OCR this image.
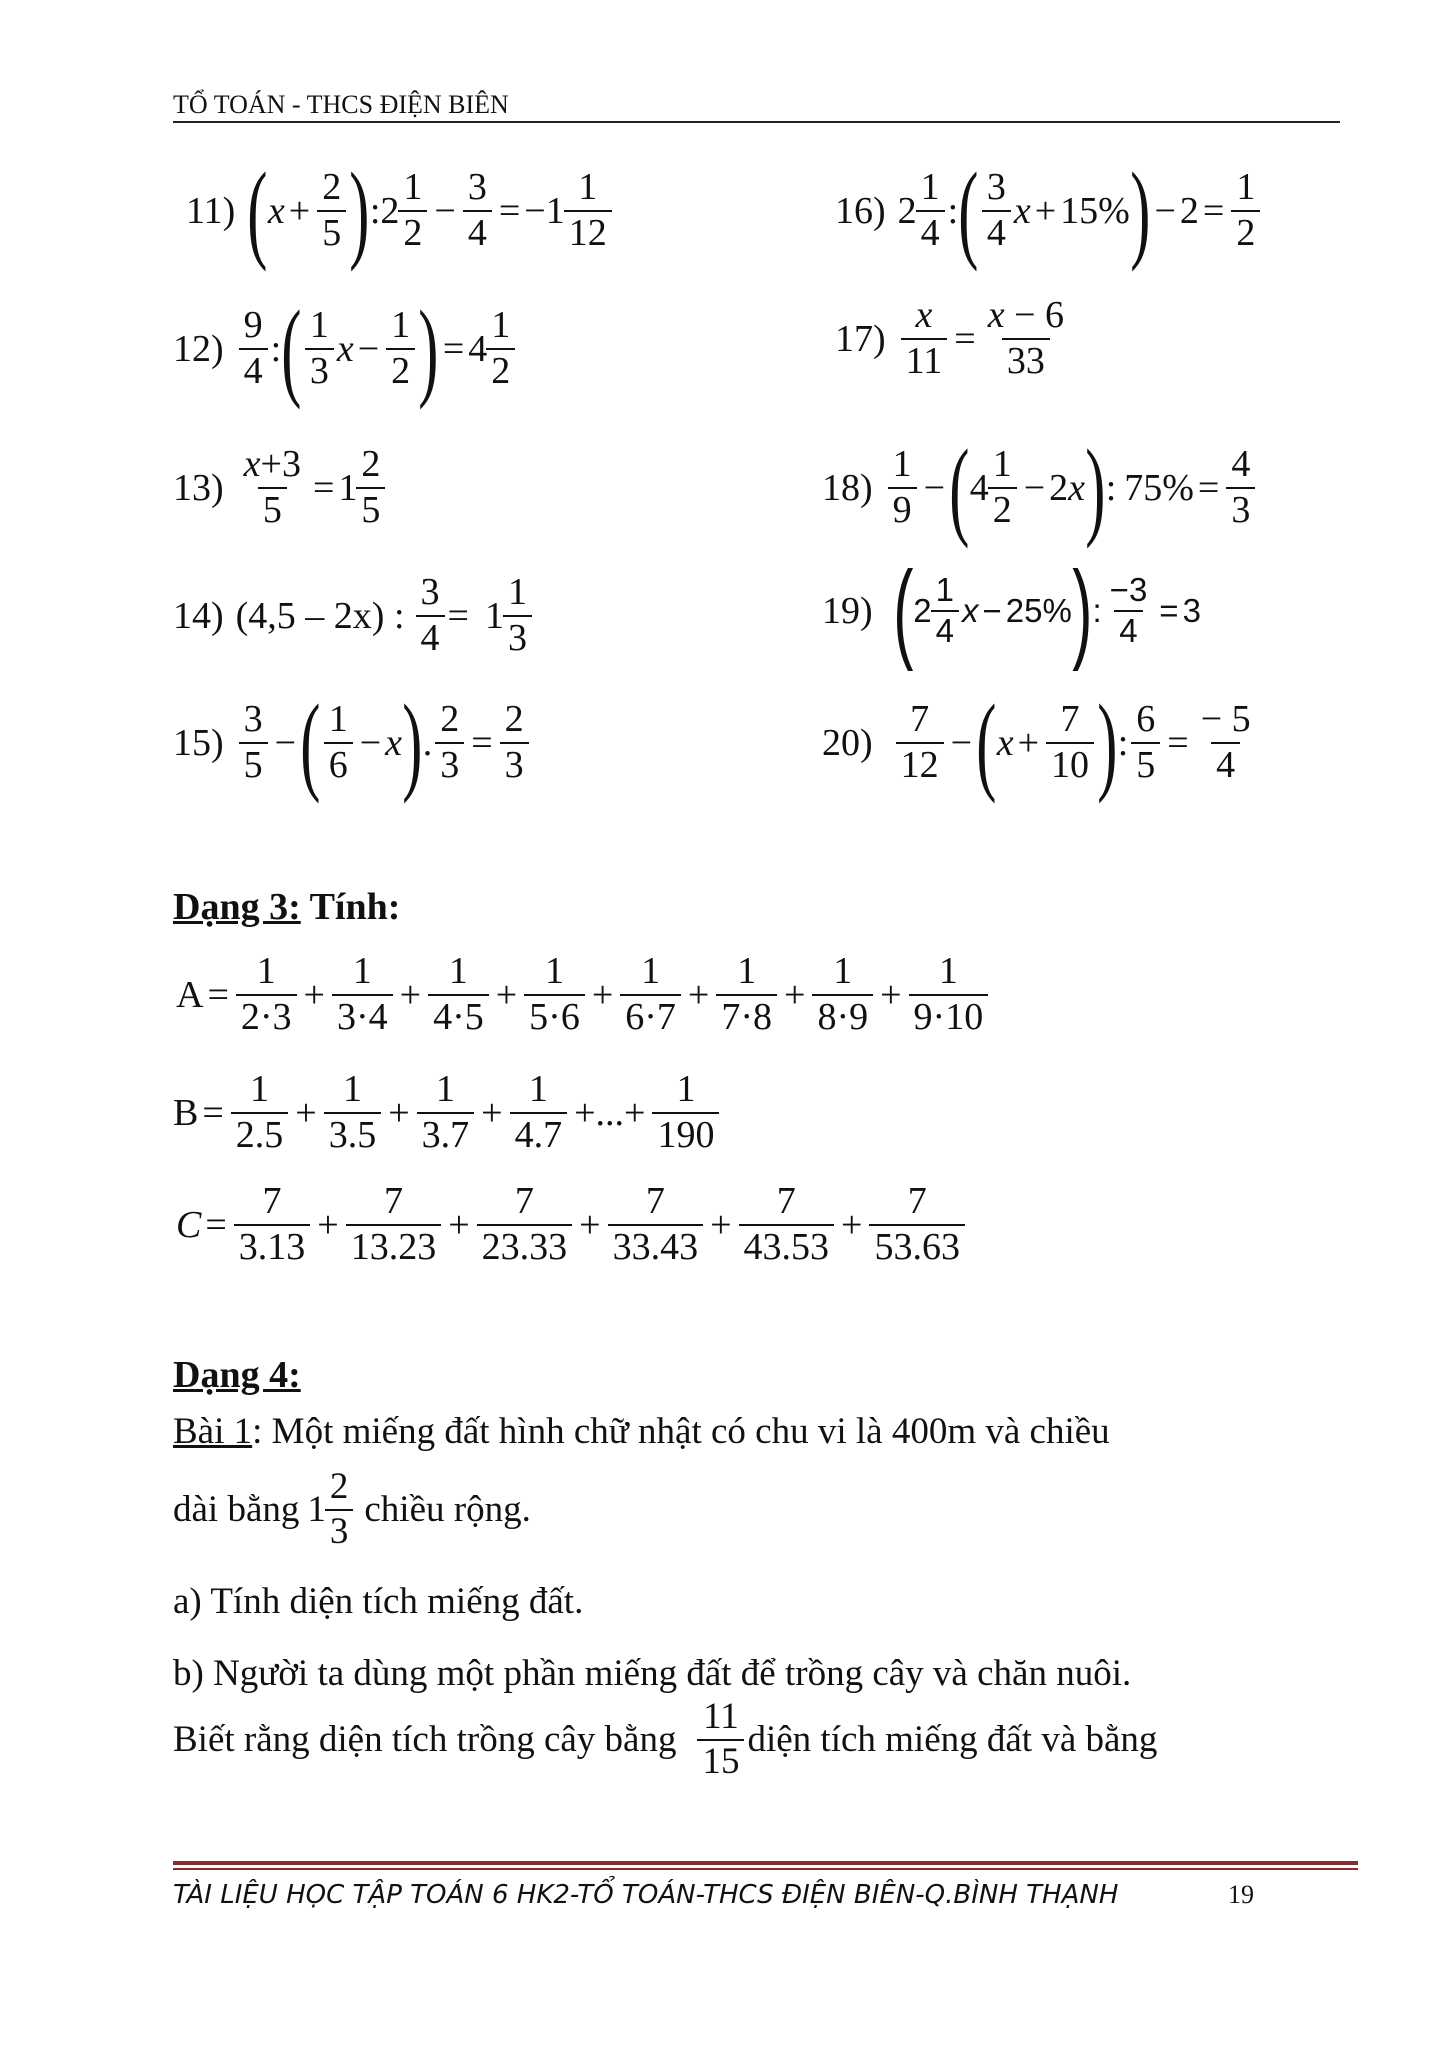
TỔ TOÁN - THCS ĐIỆN BIÊN
11) ( $x + \frac{2}{5}$ ) : 2
1
2
− $\frac{3}{4}$ = − 1
1
12
12)
9
4
: ( 1
3
$x - \frac{1}{2}$ ) = 4
1
2
$13) \frac{x+3}{5} = 1$
2
5
14) (4,5 – 2x) : $\frac{3}{4} = 1$
1
3
15)
3
5
− ( 1
6
− x ) . $\frac{2}{3} = \frac{2}{3}$
16) 2
1
4
: ( 3
4
x + 15% ) − $2 = \frac{1}{2}$
$17) \frac{x}{11} = \frac{x - 6}{33}$
18)
1
9
− ( 4
1
2
− 2x ) : $75\% = \frac{4}{3}$
19) ( 2
1
4
x − 25% ) : $\frac{-3}{4} = 3$
20)
7
12
− ( $x + \frac{7}{10}$ ) : $\frac{6}{5} = \frac{- 5}{4}$
Dạng 3: Tính:
$A = \frac{1}{2\cdot 3} + \frac{1}{3\cdot 4} + \frac{1}{4\cdot 5} + \frac{1}{5\cdot 6} + \frac{1}{6\cdot 7} + \frac{1}{7\cdot 8} + \frac{1}{8\cdot 9} + \frac{1}{9\cdot 10}$
$B = \frac{1}{2.5} + \frac{1}{3.5} + \frac{1}{3.7} + \frac{1}{4.7}$ +...+ $\frac{1}{190}$
$C = \frac{7}{3.13} + \frac{7}{13.23} + \frac{7}{23.33} + \frac{7}{33.43} + \frac{7}{43.53} + \frac{7}{53.63}$
Dạng 4:
Bài 1: Một miếng đất hình chữ nhật có chu vi là 400m và chiều
dài bằng 1
2
3
chiều rộng.
a) Tính diện tích miếng đất.
b) Người ta dùng một phần miếng đất để trồng cây và chăn nuôi.
Biết rằng diện tích trồng cây bằng
11
15
diện tích miếng đất và bằng
TÀI LIỆU HỌC TẬP TOÁN 6 HK2-TỔ TOÁN-THCS ĐIỆN BIÊN-Q.BÌNH THẠNH	19
